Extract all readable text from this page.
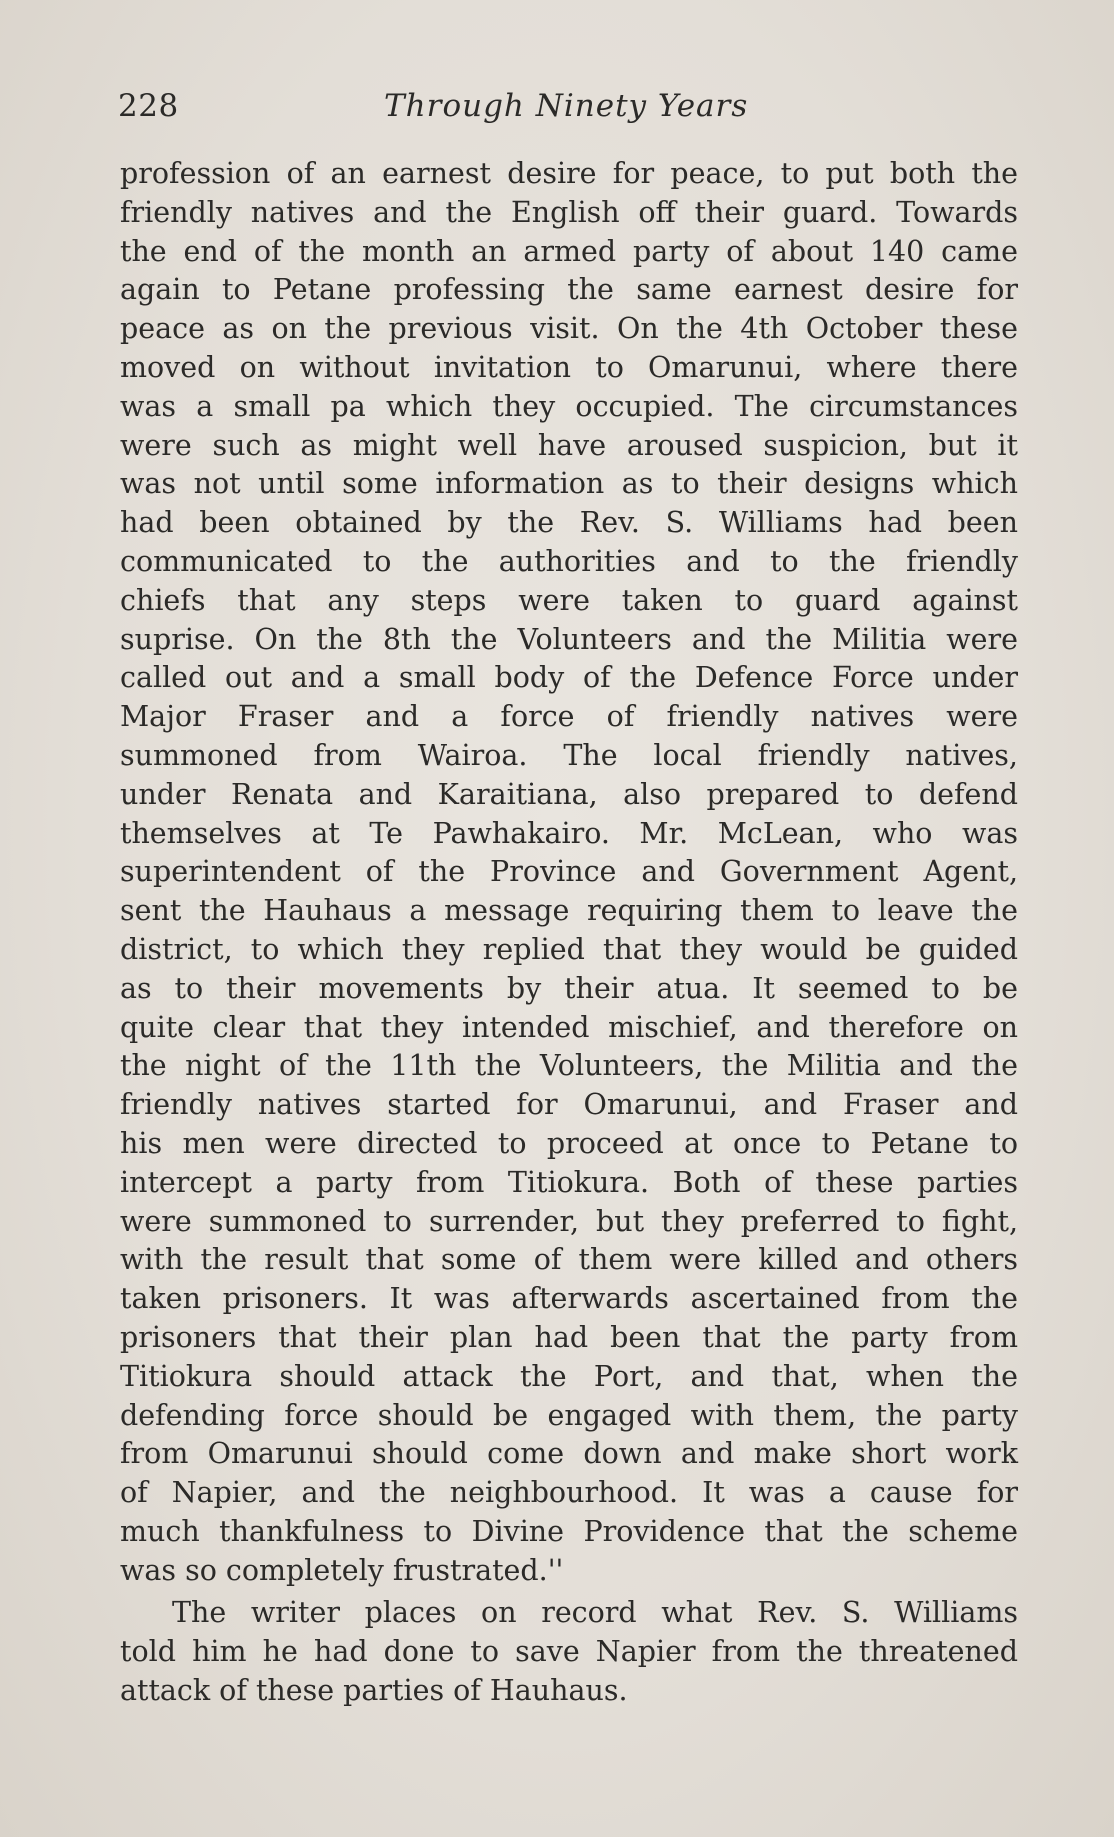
228	Through Ninety Years
profession of an earnest desire for peace, to put both the
friendly natives and the English off their guard. Towards
the end of the month an armed party of about 140 came
again to Petane professing the same earnest desire for
peace as on the previous visit. On the 4th October these
moved on without invitation to Omarunui, where there
was a small pa which they occupied. The circumstances
were such as might well have aroused suspicion, but it
was not until some information as to their designs which
had been obtained by the Rev. S. Williams had been
communicated to the authorities and to the friendly
chiefs that any steps were taken to guard against
suprise. On the 8th the Volunteers and the Militia were
called out and a small body of the Defence Force under
Major Fraser and a force of friendly natives were
summoned from Wairoa. The local friendly natives,
under Renata and Karaitiana, also prepared to defend
themselves at Te Pawhakairo. Mr. McLean, who was
superintendent of the Province and Government Agent,
sent the Hauhaus a message requiring them to leave the
district, to which they replied that they would be guided
as to their movements by their atua. It seemed to be
quite clear that they intended mischief, and therefore on
the night of the 11th the Volunteers, the Militia and the
friendly natives started for Omarunui, and Fraser and
his men were directed to proceed at once to Petane to
intercept a party from Titiokura. Both of these parties
were summoned to surrender, but they preferred to fight,
with the result that some of them were killed and others
taken prisoners. It was afterwards ascertained from the
prisoners that their plan had been that the party from
Titiokura should attack the Port, and that, when the
defending force should be engaged with them, the party
from Omarunui should come down and make short work
of Napier, and the neighbourhood. It was a cause for
much thankfulness to Divine Providence that the scheme
was so completely frustrated.''
The writer places on record what Rev. S. Williams
told him he had done to save Napier from the threatened
attack of these parties of Hauhaus.
